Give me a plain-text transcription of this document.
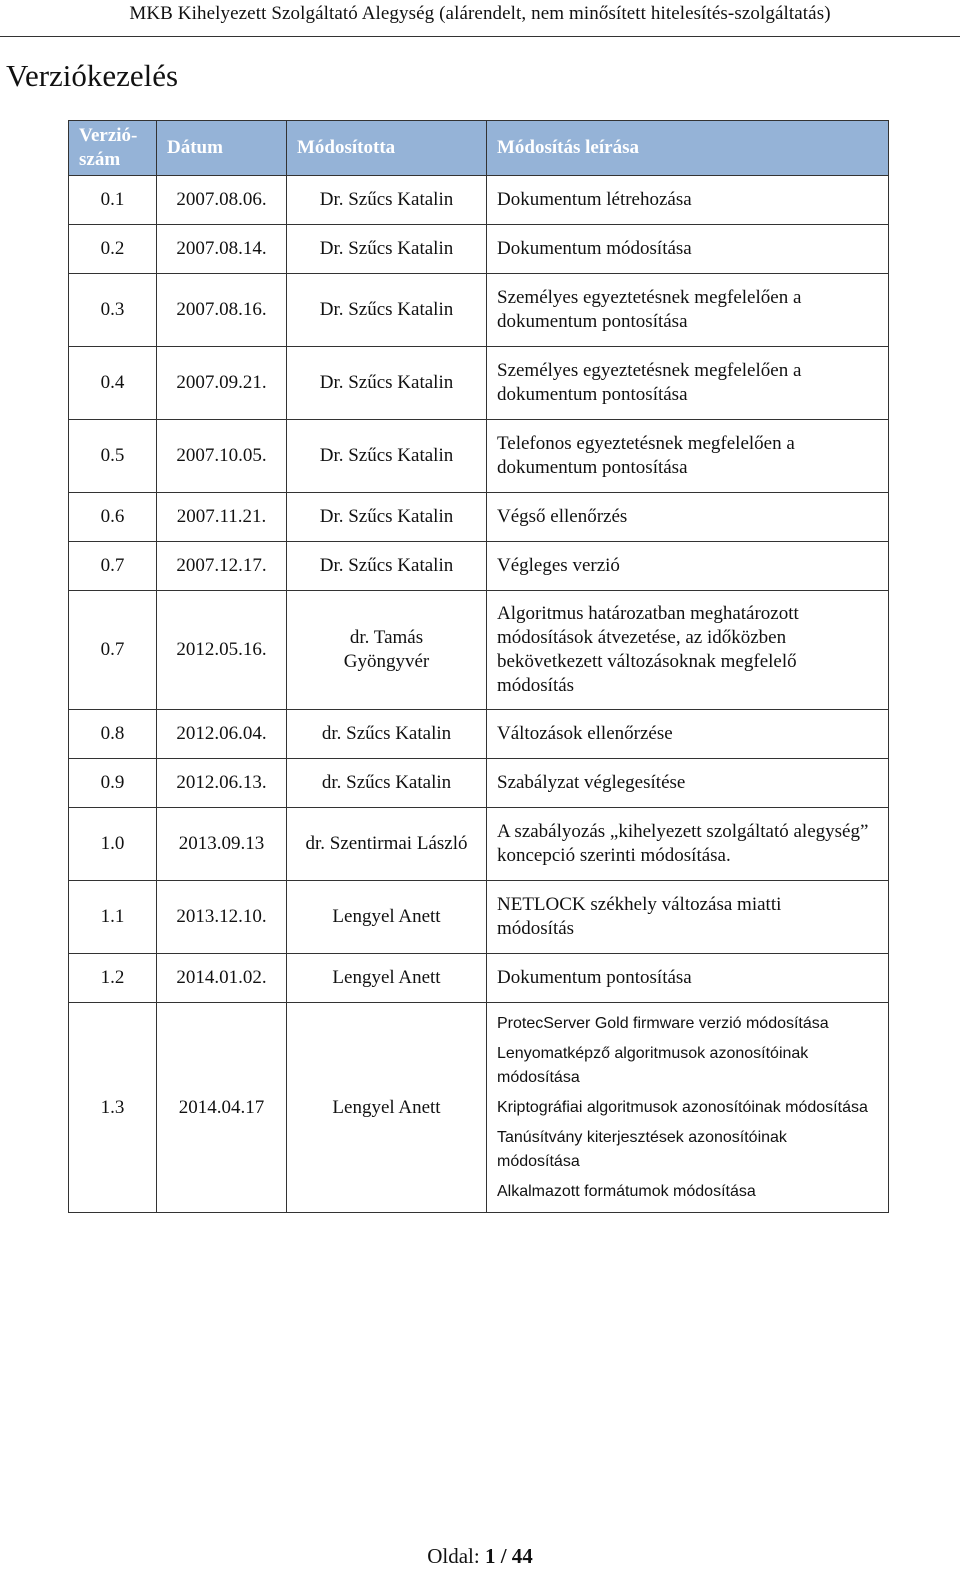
MKB Kihelyezett Szolgáltató Alegység (alárendelt, nem minősített hitelesítés-szolgáltatás)
Verziókezelés
Verzió-
szám	Dátum	Módosította	Módosítás leírása
0.1	2007.08.06.	Dr. Szűcs Katalin	Dokumentum létrehozása
0.2	2007.08.14.	Dr. Szűcs Katalin	Dokumentum módosítása
0.3	2007.08.16.	Dr. Szűcs Katalin	Személyes egyeztetésnek megfelelően a dokumentum pontosítása
0.4	2007.09.21.	Dr. Szűcs Katalin	Személyes egyeztetésnek megfelelően a dokumentum pontosítása
0.5	2007.10.05.	Dr. Szűcs Katalin	Telefonos egyeztetésnek megfelelően a dokumentum pontosítása
0.6	2007.11.21.	Dr. Szűcs Katalin	Végső ellenőrzés
0.7	2007.12.17.	Dr. Szűcs Katalin	Végleges verzió
0.7	2012.05.16.	dr. Tamás Gyöngyvér	Algoritmus határozatban meghatározott módosítások átvezetése, az időközben bekövetkezett változásoknak megfelelő módosítás
0.8	2012.06.04.	dr. Szűcs Katalin	Változások ellenőrzése
0.9	2012.06.13.	dr. Szűcs Katalin	Szabályzat véglegesítése
1.0	2013.09.13	dr. Szentirmai László	A szabályozás „kihelyezett szolgáltató alegység” koncepció szerinti módosítása.
1.1	2013.12.10.	Lengyel Anett	NETLOCK székhely változása miatti módosítás
1.2	2014.01.02.	Lengyel Anett	Dokumentum pontosítása
1.3	2014.04.17	Lengyel Anett	ProtecServer Gold firmware verzió módosítása
Lenyomatképző algoritmusok azonosítóinak módosítása
Kriptográfiai algoritmusok azonosítóinak módosítása
Tanúsítvány kiterjesztések azonosítóinak módosítása
Alkalmazott formátumok módosítása
Oldal: 1 / 44
